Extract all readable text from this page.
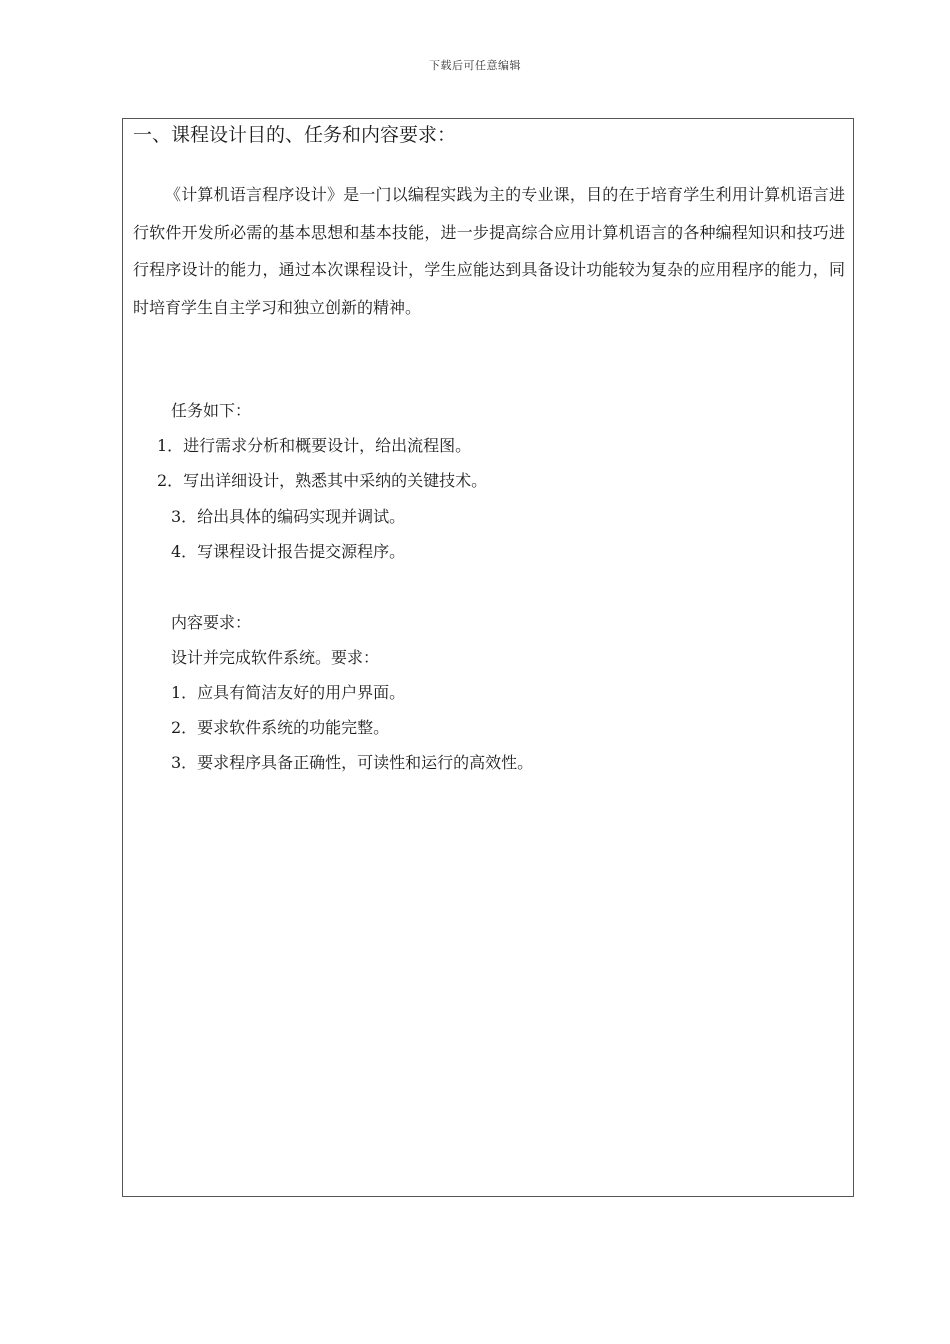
下载后可任意编辑
一、课程设计目的、任务和内容要求：

《计算机语言程序设计》是一门以编程实践为主的专业课，目的在于培育学生利用计算机语言进行软件开发所必需的基本思想和基本技能，进一步提高综合应用计算机语言的各种编程知识和技巧进行程序设计的能力，通过本次课程设计，学生应能达到具备设计功能较为复杂的应用程序的能力，同时培育学生自主学习和独立创新的精神。

任务如下：

1．进行需求分析和概要设计，给出流程图。

2．写出详细设计，熟悉其中采纳的关键技术。

3．给出具体的编码实现并调试。

4．写课程设计报告提交源程序。

内容要求：

设计并完成软件系统。要求：

1．应具有简洁友好的用户界面。

2．要求软件系统的功能完整。

3．要求程序具备正确性，可读性和运行的高效性。
